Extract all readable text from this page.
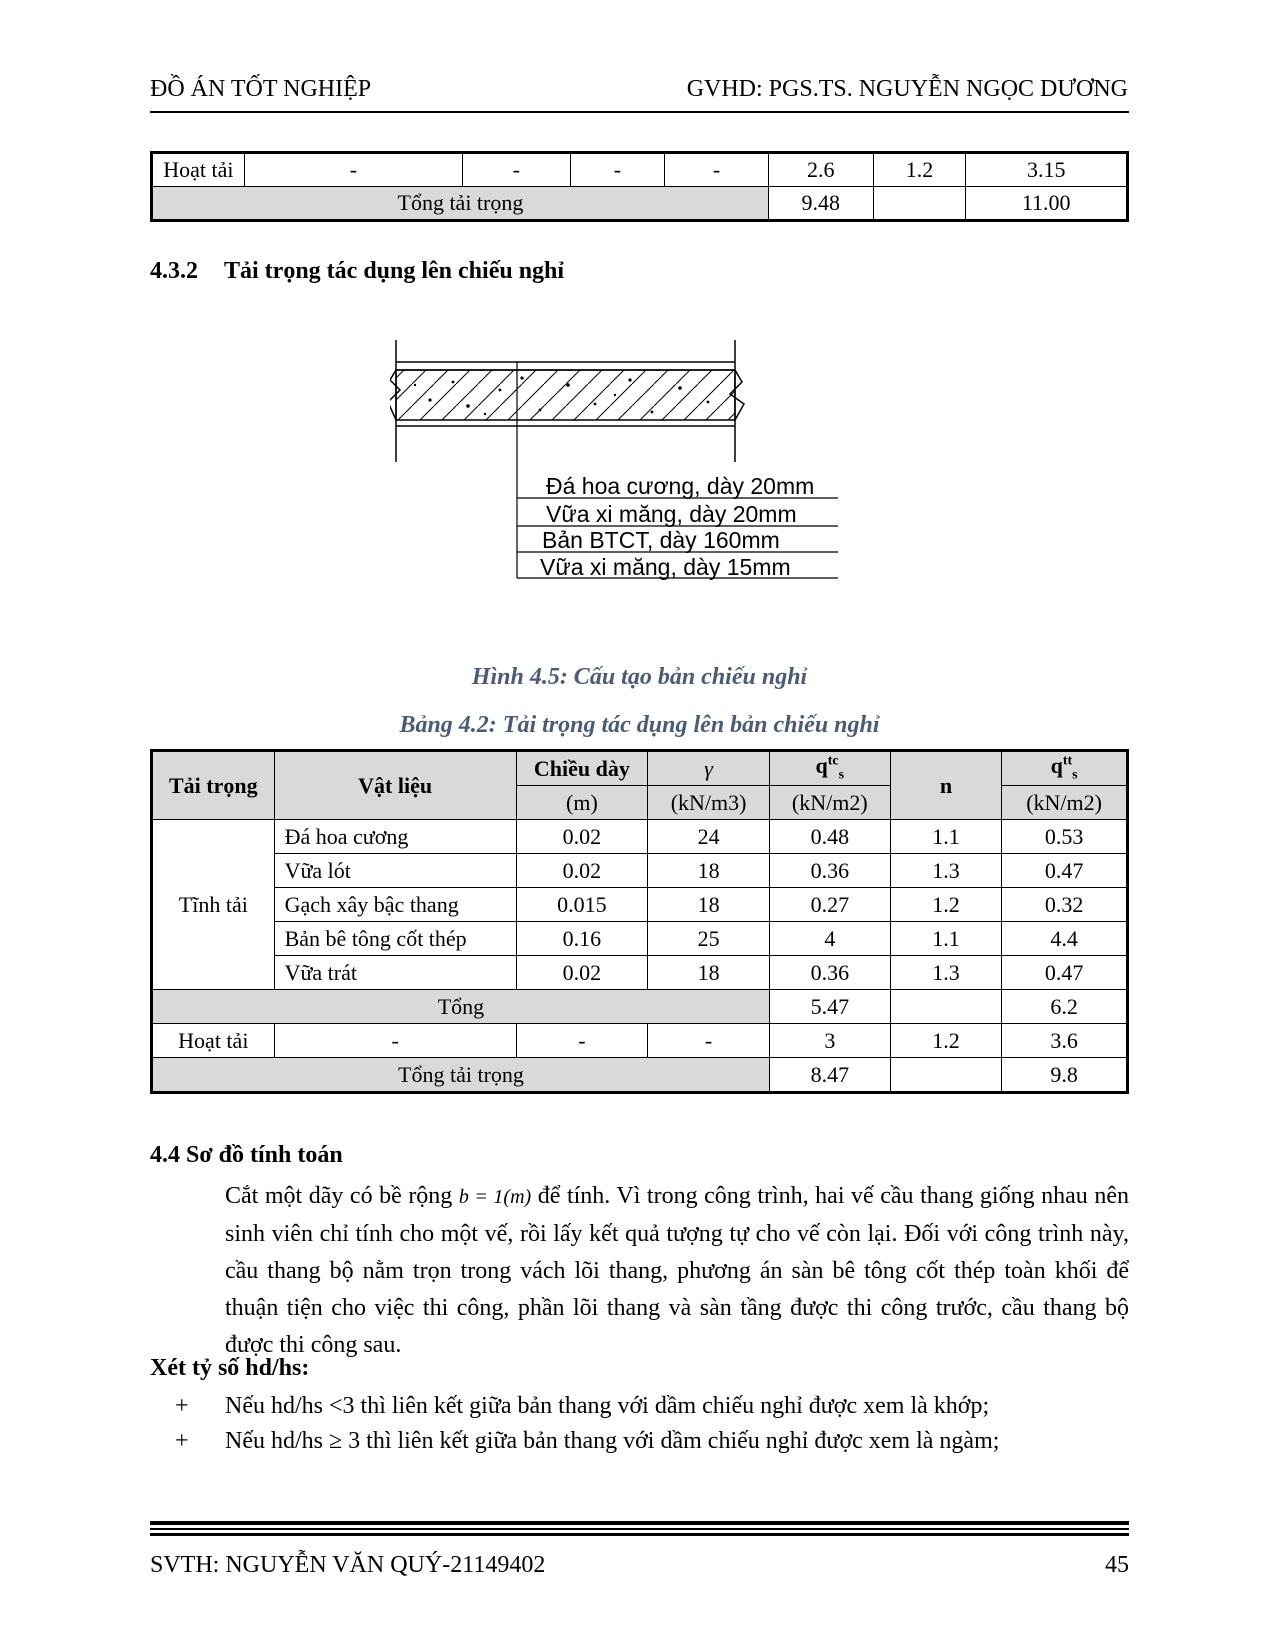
ĐỒ ÁN TỐT NGHIỆP	GVHD: PGS.TS. NGUYỄN NGỌC DƯƠNG
Hoạt tải	-	-	-	-	2.6	1.2	3.15
Tổng tải trọng					9.48		11.00
4.3.2 Tải trọng tác dụng lên chiếu nghỉ
Đá hoa cương, dày 20mm
Vữa xi măng, dày 20mm
Bản BTCT, dày 160mm
Vữa xi măng, dày 15mm
Hình 4.5: Cấu tạo bản chiếu nghỉ
Bảng 4.2: Tải trọng tác dụng lên bản chiếu nghỉ
Tải trọng	Vật liệu	Chiều dày	γ	$q^{tc}_s$	n	$q^{tt}_s$
		(m)	(kN/m3)	(kN/m2)		(kN/m2)
Tĩnh tải	Đá hoa cương	0.02	24	0.48	1.1	0.53
	Vữa lót	0.02	18	0.36	1.3	0.47
	Gạch xây bậc thang	0.015	18	0.27	1.2	0.32
	Bản bê tông cốt thép	0.16	25	4	1.1	4.4
	Vữa trát	0.02	18	0.36	1.3	0.47
Tổng				5.47		6.2
Hoạt tải	-	-	-	3	1.2	3.6
Tổng tải trọng				8.47		9.8
4.4 Sơ đồ tính toán
Cắt một dãy có bề rộng b = 1(m) để tính. Vì trong công trình, hai vế cầu thang giống nhau nên sinh viên chỉ tính cho một vế, rồi lấy kết quả tượng tự cho vế còn lại. Đối với công trình này, cầu thang bộ nằm trọn trong vách lõi thang, phương án sàn bê tông cốt thép toàn khối để thuận tiện cho việc thi công, phần lõi thang và sàn tầng được thi công trước, cầu thang bộ được thi công sau.
Xét tỷ số hd/hs:
+ Nếu hd/hs <3 thì liên kết giữa bản thang với dầm chiếu nghỉ được xem là khớp;
+ Nếu hd/hs ≥ 3 thì liên kết giữa bản thang với dầm chiếu nghỉ được xem là ngàm;
SVTH: NGUYỄN VĂN QUÝ-21149402	45
